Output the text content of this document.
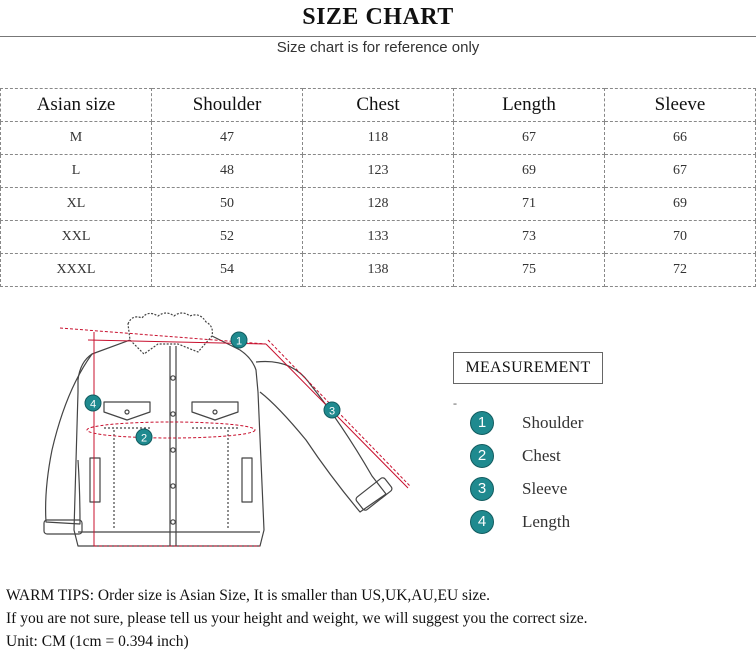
SIZE CHART
Size chart is for reference only
Asian size	Shoulder	Chest	Length	Sleeve
M	47	118	67	66
L	48	123	69	67
XL	50	128	71	69
XXL	52	133	73	70
XXXL	54	138	75	72
1
2
3
4
MEASUREMENT
-
1	Shoulder
2	Chest
3	Sleeve
4	Length
WARM TIPS: Order size is Asian Size, It is smaller than US,UK,AU,EU size.
If you are not sure, please tell us your height and weight, we will suggest you the correct size.
Unit: CM (1cm = 0.394 inch)
